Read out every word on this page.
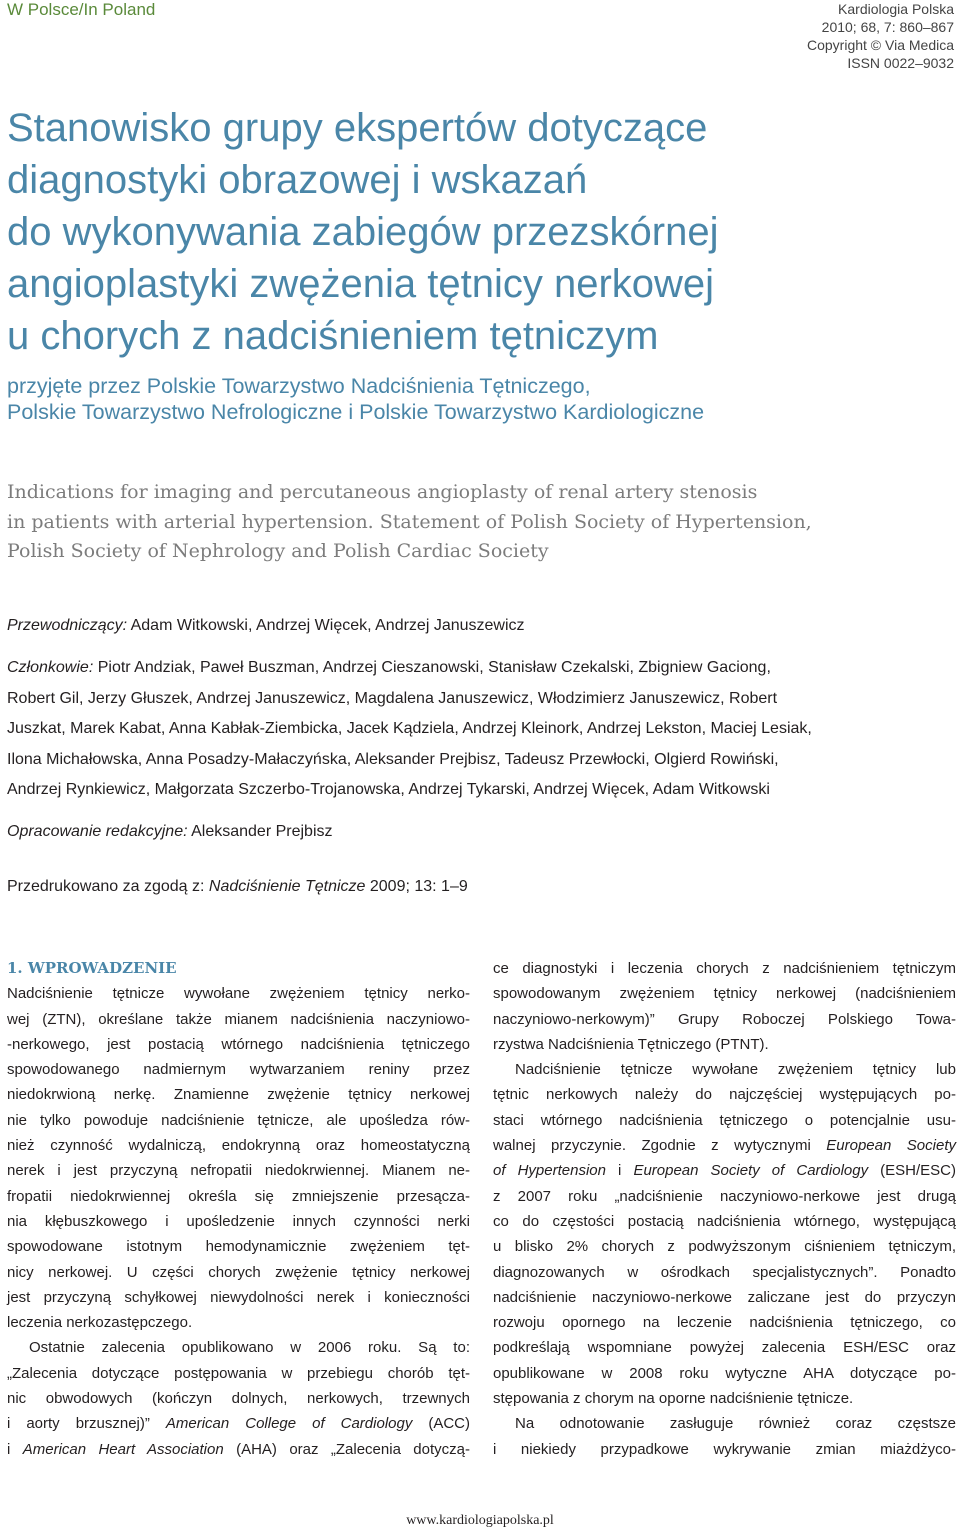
W Polsce/In Poland	Kardiologia Polska
2010; 68, 7: 860–867
Copyright © Via Medica
ISSN 0022–9032
Stanowisko grupy ekspertów dotyczące
diagnostyki obrazowej i wskazań
do wykonywania zabiegów przezskórnej
angioplastyki zwężenia tętnicy nerkowej
u chorych z nadciśnieniem tętniczym
przyjęte przez Polskie Towarzystwo Nadciśnienia Tętniczego,
Polskie Towarzystwo Nefrologiczne i Polskie Towarzystwo Kardiologiczne
Indications for imaging and percutaneous angioplasty of renal artery stenosis
in patients with arterial hypertension. Statement of Polish Society of Hypertension,
Polish Society of Nephrology and Polish Cardiac Society
Przewodniczący: Adam Witkowski, Andrzej Więcek, Andrzej Januszewicz
Członkowie: Piotr Andziak, Paweł Buszman, Andrzej Cieszanowski, Stanisław Czekalski, Zbigniew Gaciong,
Robert Gil, Jerzy Głuszek, Andrzej Januszewicz, Magdalena Januszewicz, Włodzimierz Januszewicz, Robert
Juszkat, Marek Kabat, Anna Kabłak-Ziembicka, Jacek Kądziela, Andrzej Kleinork, Andrzej Lekston, Maciej Lesiak,
Ilona Michałowska, Anna Posadzy-Małaczyńska, Aleksander Prejbisz, Tadeusz Przewłocki, Olgierd Rowiński,
Andrzej Rynkiewicz, Małgorzata Szczerbo-Trojanowska, Andrzej Tykarski, Andrzej Więcek, Adam Witkowski
Opracowanie redakcyjne: Aleksander Prejbisz
Przedrukowano za zgodą z: Nadciśnienie Tętnicze 2009; 13: 1–9
1. WPROWADZENIE
Nadciśnienie tętnicze wywołane zwężeniem tętnicy nerko-
wej (ZTN), określane także mianem nadciśnienia naczyniowo-
-nerkowego, jest postacią wtórnego nadciśnienia tętniczego
spowodowanego nadmiernym wytwarzaniem reniny przez
niedokrwioną nerkę. Znamienne zwężenie tętnicy nerkowej
nie tylko powoduje nadciśnienie tętnicze, ale upośledza rów-
nież czynność wydalniczą, endokrynną oraz homeostatyczną
nerek i jest przyczyną nefropatii niedokrwiennej. Mianem ne-
fropatii niedokrwiennej określa się zmniejszenie przesącza-
nia kłębuszkowego i upośledzenie innych czynności nerki
spowodowane istotnym hemodynamicznie zwężeniem tęt-
nicy nerkowej. U części chorych zwężenie tętnicy nerkowej
jest przyczyną schyłkowej niewydolności nerek i konieczności
leczenia nerkozastępczego.
Ostatnie zalecenia opublikowano w 2006 roku. Są to:
„Zalecenia dotyczące postępowania w przebiegu chorób tęt-
nic obwodowych (kończyn dolnych, nerkowych, trzewnych
i aorty brzusznej)” American College of Cardiology (ACC)
i American Heart Association (AHA) oraz „Zalecenia dotyczą-
ce diagnostyki i leczenia chorych z nadciśnieniem tętniczym
spowodowanym zwężeniem tętnicy nerkowej (nadciśnieniem
naczyniowo-nerkowym)” Grupy Roboczej Polskiego Towa-
rzystwa Nadciśnienia Tętniczego (PTNT).
Nadciśnienie tętnicze wywołane zwężeniem tętnicy lub
tętnic nerkowych należy do najczęściej występujących po-
staci wtórnego nadciśnienia tętniczego o potencjalnie usu-
walnej przyczynie. Zgodnie z wytycznymi European Society
of Hypertension i European Society of Cardiology (ESH/ESC)
z 2007 roku „nadciśnienie naczyniowo-nerkowe jest drugą
co do częstości postacią nadciśnienia wtórnego, występującą
u blisko 2% chorych z podwyższonym ciśnieniem tętniczym,
diagnozowanych w ośrodkach specjalistycznych”. Ponadto
nadciśnienie naczyniowo-nerkowe zaliczane jest do przyczyn
rozwoju opornego na leczenie nadciśnienia tętniczego, co
podkreślają wspomniane powyżej zalecenia ESH/ESC oraz
opublikowane w 2008 roku wytyczne AHA dotyczące po-
stępowania z chorym na oporne nadciśnienie tętnicze.
Na odnotowanie zasługuje również coraz częstsze
i niekiedy przypadkowe wykrywanie zmian miażdżyco-
www.kardiologiapolska.pl
